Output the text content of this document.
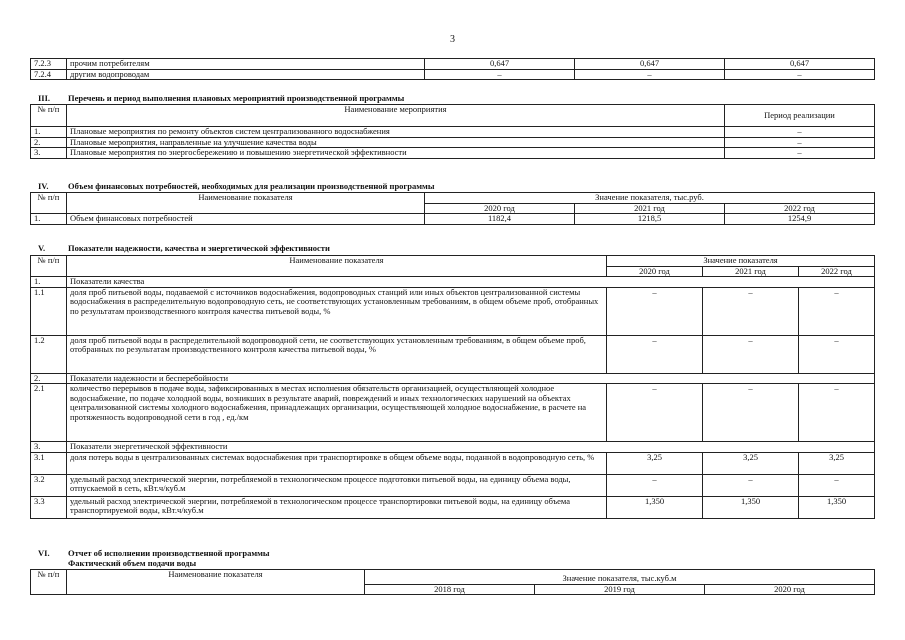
3
7.2.3	прочим потребителям	0,647	0,647	0,647
7.2.4	другим водопроводам	–	–	–
III. Перечень и период выполнения плановых мероприятий производственной программы
№ п/п	Наименование мероприятия	Период реализации
1.	Плановые мероприятия по ремонту объектов систем централизованного водоснабжения	–
2.	Плановые мероприятия, направленные на улучшение качества воды	–
3.	Плановые мероприятия по энергосбережению и повышению энергетической эффективности	–
IV. Объем финансовых потребностей, необходимых для реализации производственной программы
№ п/п	Наименование показателя	Значение показателя, тыс.руб.		
		2020 год	2021 год	2022 год
1.	Объем финансовых потребностей	1182,4	1218,5	1254,9
V.	Показатели надежности, качества и энергетической эффективности
№ п/п	Наименование показателя	Значение показателя		
		2020 год	2021 год	2022 год
1.	Показатели качества			
1.1	доля проб питьевой воды, подаваемой с источников водоснабжения, водопроводных станций или иных объектов централизованной системы водоснабжения в распределительную водопроводную сеть, не соответствующих установленным требованиям, в общем объеме проб, отобранных по результатам производственного контроля качества питьевой воды, %	–	–	–
1.2	доля проб питьевой воды в распределительной водопроводной сети, не соответствующих установленным требованиям, в общем объеме проб, отобранных по результатам производственного контроля качества питьевой воды, %	–	–	–
2.	Показатели надежности и бесперебойности			
2.1	количество перерывов в подаче воды, зафиксированных в местах исполнения обязательств организацией, осуществляющей холодное водоснабжение, по подаче холодной воды, возникших в результате аварий, повреждений и иных технологических нарушений на объектах централизованной системы холодного водоснабжения, принадлежащих организации, осуществляющей холодное водоснабжение, в расчете на протяженность водопроводной сети в год , ед./км	–	–	–
3.	Показатели энергетической эффективности			
3.1	доля потерь воды в централизованных системах водоснабжения при транспортировке в общем объеме воды, поданной в водопроводную сеть, %	3,25	3,25	3,25
3.2	удельный расход электрической энергии, потребляемой в технологическом процессе подготовки питьевой воды, на единицу объема воды, отпускаемой в сеть, кВт.ч/куб.м	–	–	–
3.3	удельный расход электрической энергии, потребляемой в технологическом процессе транспортировки питьевой воды, на единицу объема транспортируемой воды, кВт.ч/куб.м	1,350	1,350	1,350
VI. Отчет об исполнении производственной программы
Фактический объем подачи воды
№ п/п	Наименование показателя	Значение показателя, тыс.куб.м		
		2018 год	2019 год	2020 год
